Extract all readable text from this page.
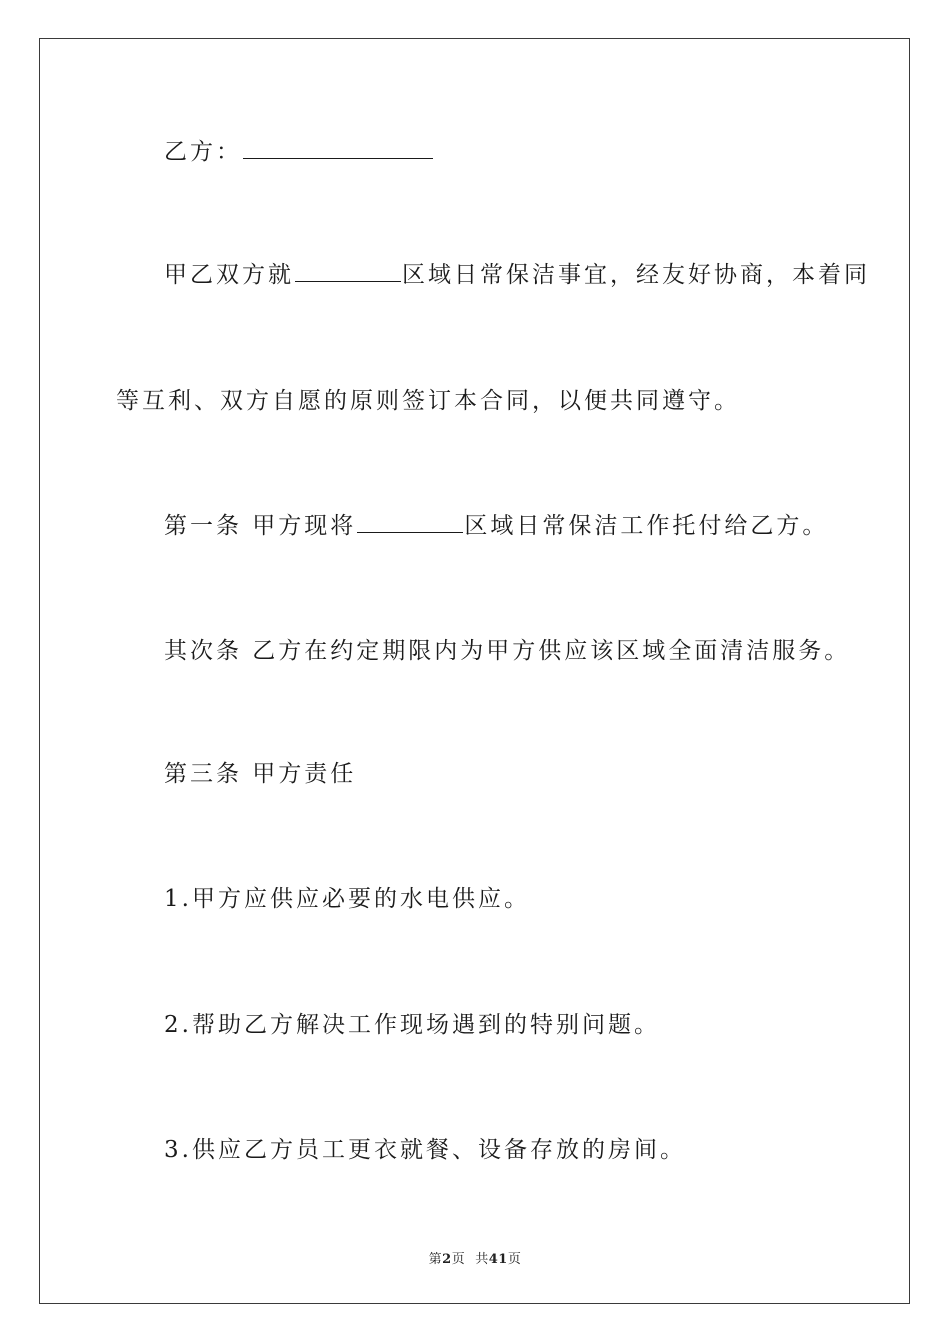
乙方：
甲乙双方就	区域日常保洁事宜，经友好协商，本着同
等互利、双方自愿的原则签订本合同，以便共同遵守。
第一条 甲方现将	区域日常保洁工作托付给乙方。
其次条 乙方在约定期限内为甲方供应该区域全面清洁服务。
第三条 甲方责任
1.甲方应供应必要的水电供应。
2.帮助乙方解决工作现场遇到的特别问题。
3.供应乙方员工更衣就餐、设备存放的房间。
第2页 共41页
